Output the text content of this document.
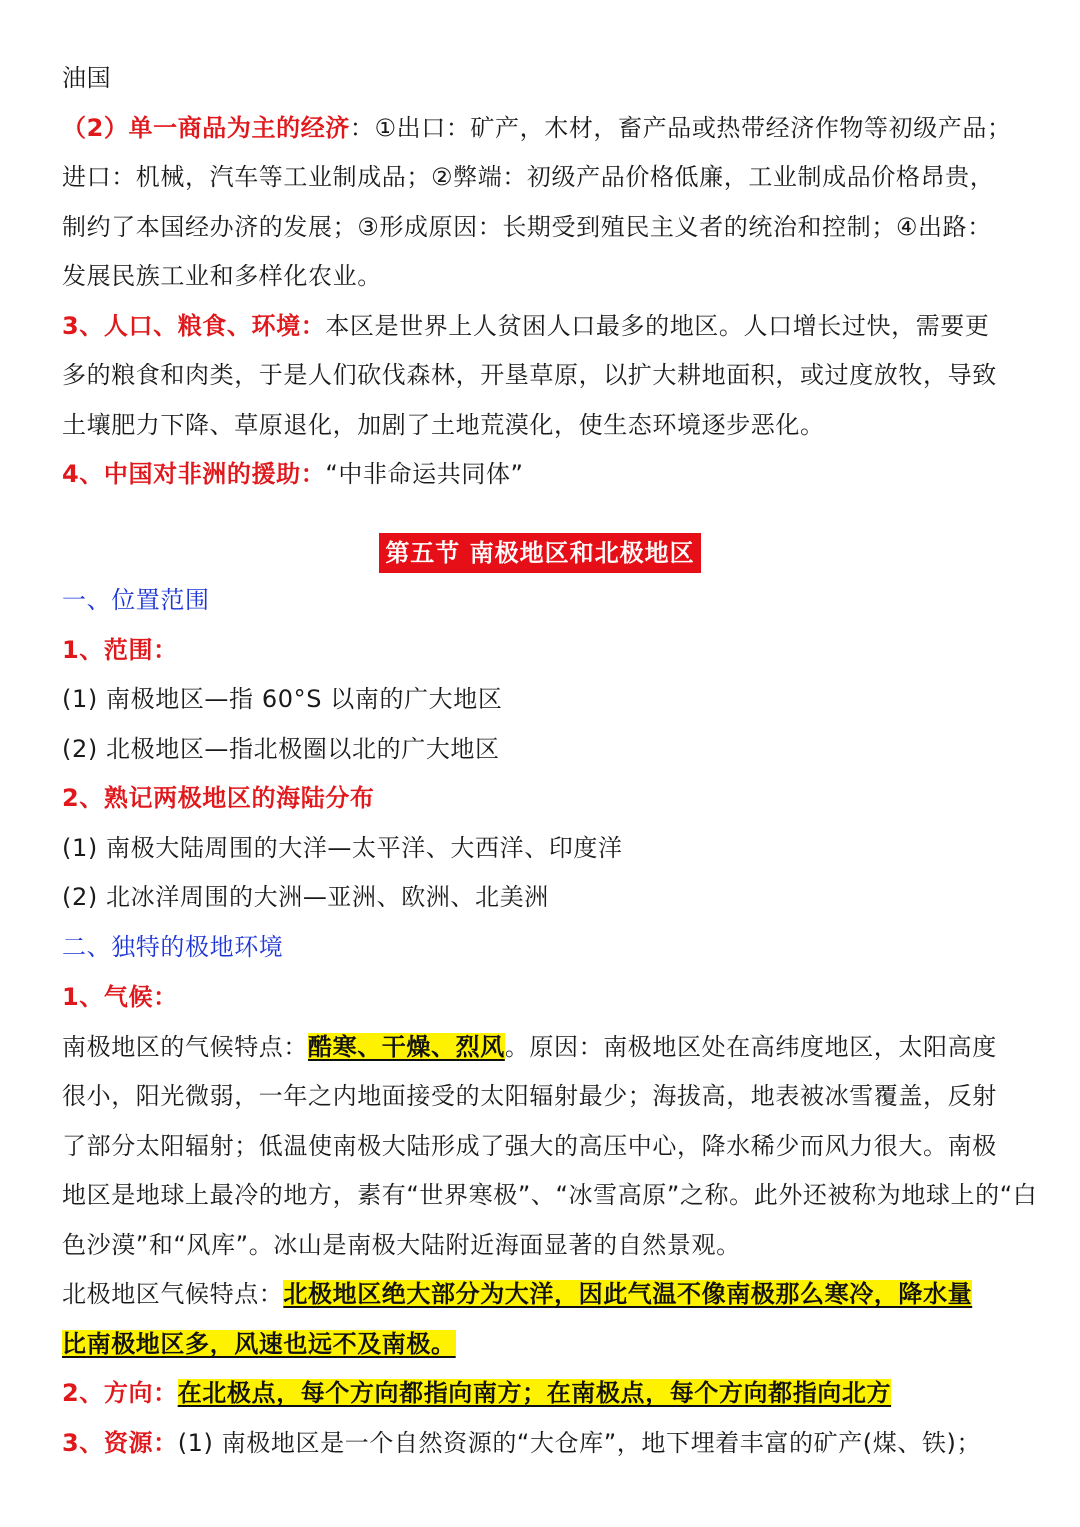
油国
（2）单一商品为主的经济：①出口：矿产，木材，畜产品或热带经济作物等初级产品；
进口：机械，汽车等工业制成品；②弊端：初级产品价格低廉，工业制成品价格昂贵，
制约了本国经办济的发展；③形成原因：长期受到殖民主义者的统治和控制；④出路：
发展民族工业和多样化农业。
3、人口、粮食、环境：本区是世界上人贫困人口最多的地区。人口增长过快，需要更
多的粮食和肉类，于是人们砍伐森林，开垦草原，以扩大耕地面积，或过度放牧，导致
土壤肥力下降、草原退化，加剧了土地荒漠化，使生态环境逐步恶化。
4、中国对非洲的援助：“中非命运共同体”
第五节 南极地区和北极地区
一、位置范围
1、范围：
(1) 南极地区—指 60°S 以南的广大地区
(2) 北极地区—指北极圈以北的广大地区
2、熟记两极地区的海陆分布
(1) 南极大陆周围的大洋—太平洋、大西洋、印度洋
(2) 北冰洋周围的大洲—亚洲、欧洲、北美洲
二、独特的极地环境
1、气候：
南极地区的气候特点：酷寒、干燥、烈风。原因：南极地区处在高纬度地区，太阳高度
很小，阳光微弱，一年之内地面接受的太阳辐射最少；海拔高，地表被冰雪覆盖，反射
了部分太阳辐射；低温使南极大陆形成了强大的高压中心，降水稀少而风力很大。南极
地区是地球上最冷的地方，素有“世界寒极”、“冰雪高原”之称。此外还被称为地球上的“白
色沙漠”和“风库”。冰山是南极大陆附近海面显著的自然景观。
北极地区气候特点：北极地区绝大部分为大洋，因此气温不像南极那么寒冷，降水量
比南极地区多，风速也远不及南极。
2、方向：在北极点，每个方向都指向南方；在南极点，每个方向都指向北方
3、资源：(1) 南极地区是一个自然资源的“大仓库”，地下埋着丰富的矿产(煤、铁)；
